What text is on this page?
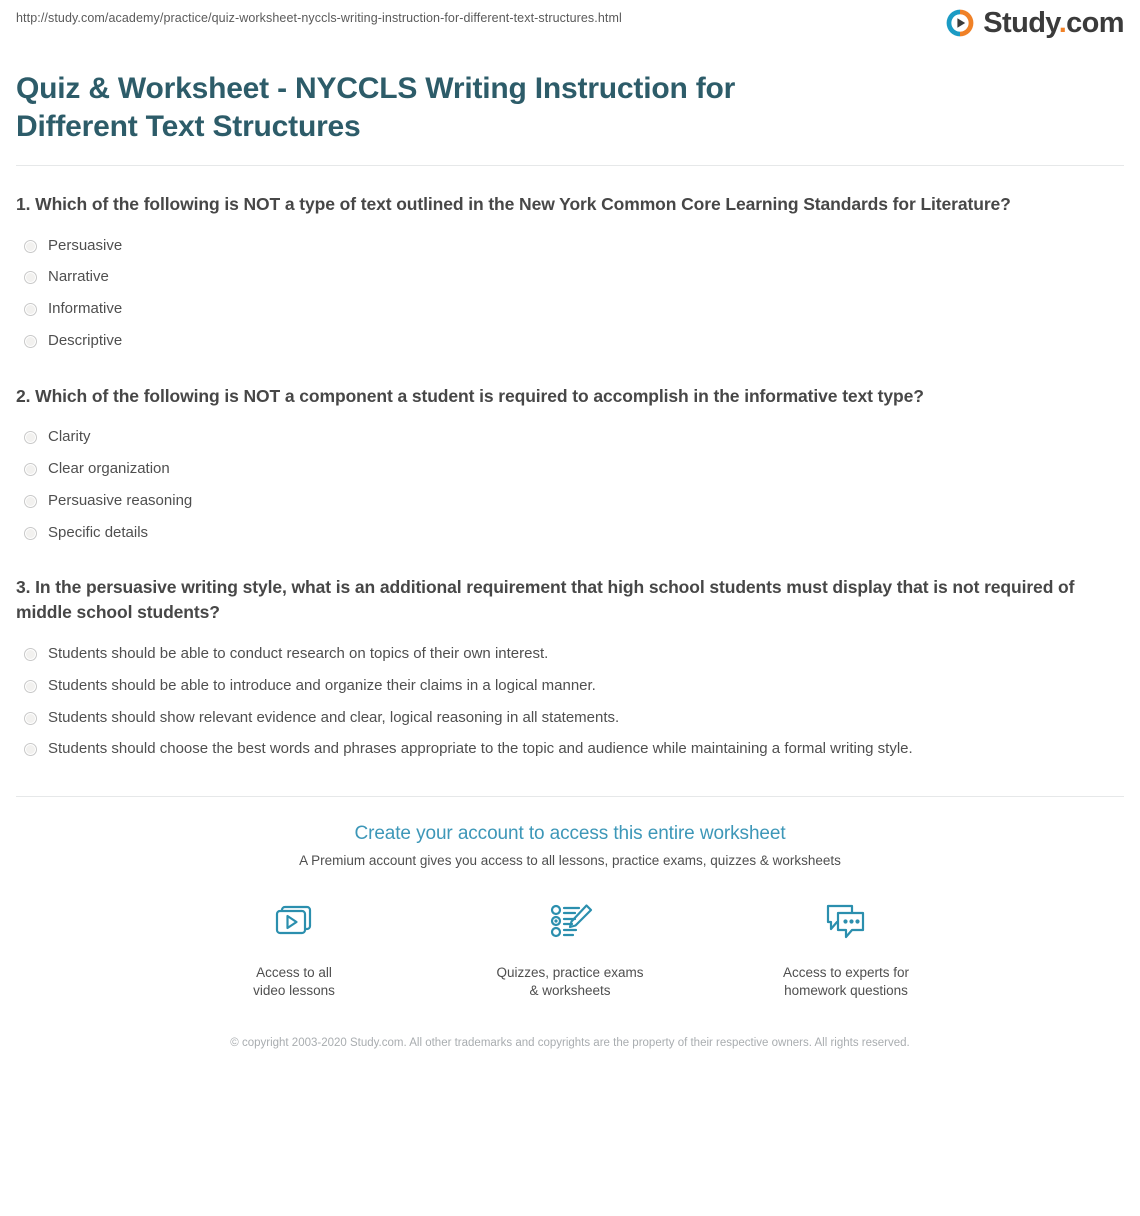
http://study.com/academy/practice/quiz-worksheet-nyccls-writing-instruction-for-different-text-structures.html	Study.com
Quiz & Worksheet - NYCCLS Writing Instruction for Different Text Structures

1. Which of the following is NOT a type of text outlined in the New York Common Core Learning Standards for Literature?

Persuasive
Narrative
Informative
Descriptive

2. Which of the following is NOT a component a student is required to accomplish in the informative text type?

Clarity
Clear organization
Persuasive reasoning
Specific details

3. In the persuasive writing style, what is an additional requirement that high school students must display that is not required of middle school students?

Students should be able to conduct research on topics of their own interest.
Students should be able to introduce and organize their claims in a logical manner.
Students should show relevant evidence and clear, logical reasoning in all statements.
Students should choose the best words and phrases appropriate to the topic and audience while maintaining a formal writing style.
Create your account to access this entire worksheet
A Premium account gives you access to all lessons, practice exams, quizzes & worksheets
Access to all
video lessons
Quizzes, practice exams
& worksheets
Access to experts for
homework questions
© copyright 2003-2020 Study.com. All other trademarks and copyrights are the property of their respective owners. All rights reserved.
